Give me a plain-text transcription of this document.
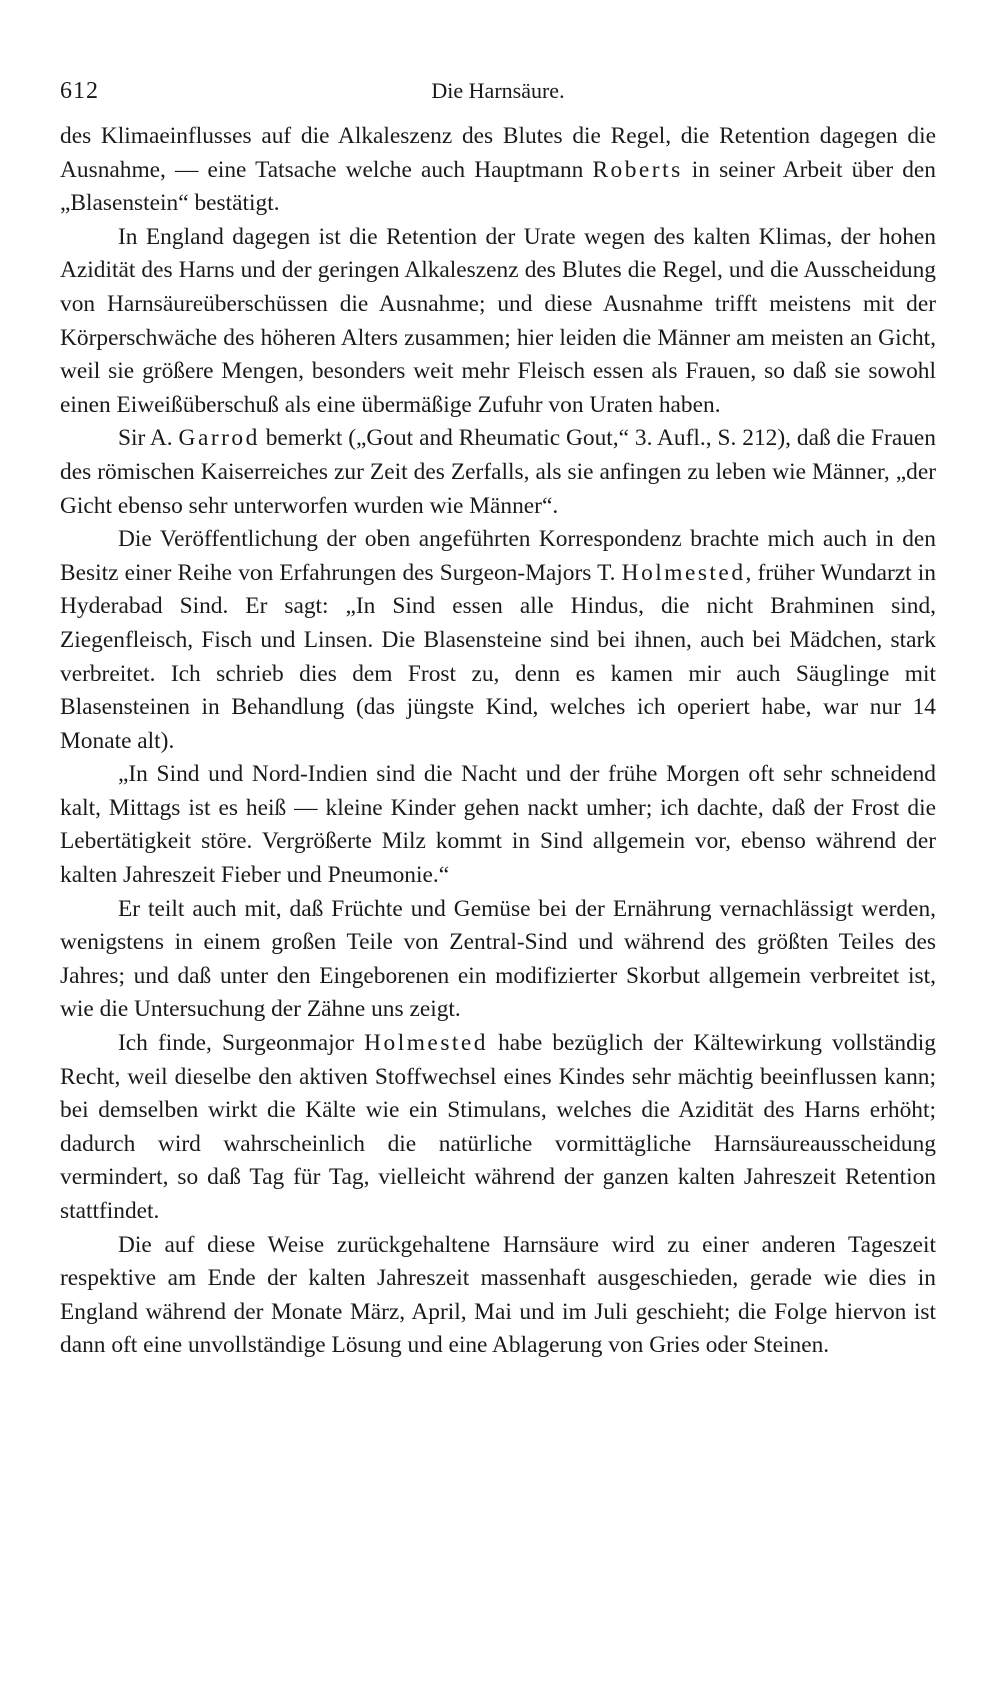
612	Die Harnsäure.

des Klimaeinflusses auf die Alkaleszenz des Blutes die Regel, die Retention dagegen die Ausnahme, — eine Tatsache welche auch Hauptmann Roberts in seiner Arbeit über den „Blasenstein“ bestätigt.

In England dagegen ist die Retention der Urate wegen des kalten Klimas, der hohen Azidität des Harns und der geringen Alkaleszenz des Blutes die Regel, und die Ausscheidung von Harnsäureüberschüssen die Ausnahme; und diese Ausnahme trifft meistens mit der Körperschwäche des höheren Alters zusammen; hier leiden die Männer am meisten an Gicht, weil sie größere Mengen, besonders weit mehr Fleisch essen als Frauen, so daß sie sowohl einen Eiweißüberschuß als eine übermäßige Zufuhr von Uraten haben.

Sir A. Garrod bemerkt („Gout and Rheumatic Gout,“ 3. Aufl., S. 212), daß die Frauen des römischen Kaiserreiches zur Zeit des Zerfalls, als sie anfingen zu leben wie Männer, „der Gicht ebenso sehr unterworfen wurden wie Männer“.

Die Veröffentlichung der oben angeführten Korrespondenz brachte mich auch in den Besitz einer Reihe von Erfahrungen des Surgeon-Majors T. Holmested, früher Wundarzt in Hyderabad Sind. Er sagt: „In Sind essen alle Hindus, die nicht Brahminen sind, Ziegenfleisch, Fisch und Linsen. Die Blasensteine sind bei ihnen, auch bei Mädchen, stark verbreitet. Ich schrieb dies dem Frost zu, denn es kamen mir auch Säuglinge mit Blasensteinen in Behandlung (das jüngste Kind, welches ich operiert habe, war nur 14 Monate alt).

„In Sind und Nord-Indien sind die Nacht und der frühe Morgen oft sehr schneidend kalt, Mittags ist es heiß — kleine Kinder gehen nackt umher; ich dachte, daß der Frost die Lebertätigkeit störe. Vergrößerte Milz kommt in Sind allgemein vor, ebenso während der kalten Jahreszeit Fieber und Pneumonie.“

Er teilt auch mit, daß Früchte und Gemüse bei der Ernährung vernachlässigt werden, wenigstens in einem großen Teile von Zentral-Sind und während des größten Teiles des Jahres; und daß unter den Eingeborenen ein modifizierter Skorbut allgemein verbreitet ist, wie die Untersuchung der Zähne uns zeigt.

Ich finde, Surgeonmajor Holmested habe bezüglich der Kältewirkung vollständig Recht, weil dieselbe den aktiven Stoffwechsel eines Kindes sehr mächtig beeinflussen kann; bei demselben wirkt die Kälte wie ein Stimulans, welches die Azidität des Harns erhöht; dadurch wird wahrscheinlich die natürliche vormittägliche Harnsäureausscheidung vermindert, so daß Tag für Tag, vielleicht während der ganzen kalten Jahreszeit Retention stattfindet.

Die auf diese Weise zurückgehaltene Harnsäure wird zu einer anderen Tageszeit respektive am Ende der kalten Jahreszeit massenhaft ausgeschieden, gerade wie dies in England während der Monate März, April, Mai und im Juli geschieht; die Folge hiervon ist dann oft eine unvollständige Lösung und eine Ablagerung von Gries oder Steinen.
